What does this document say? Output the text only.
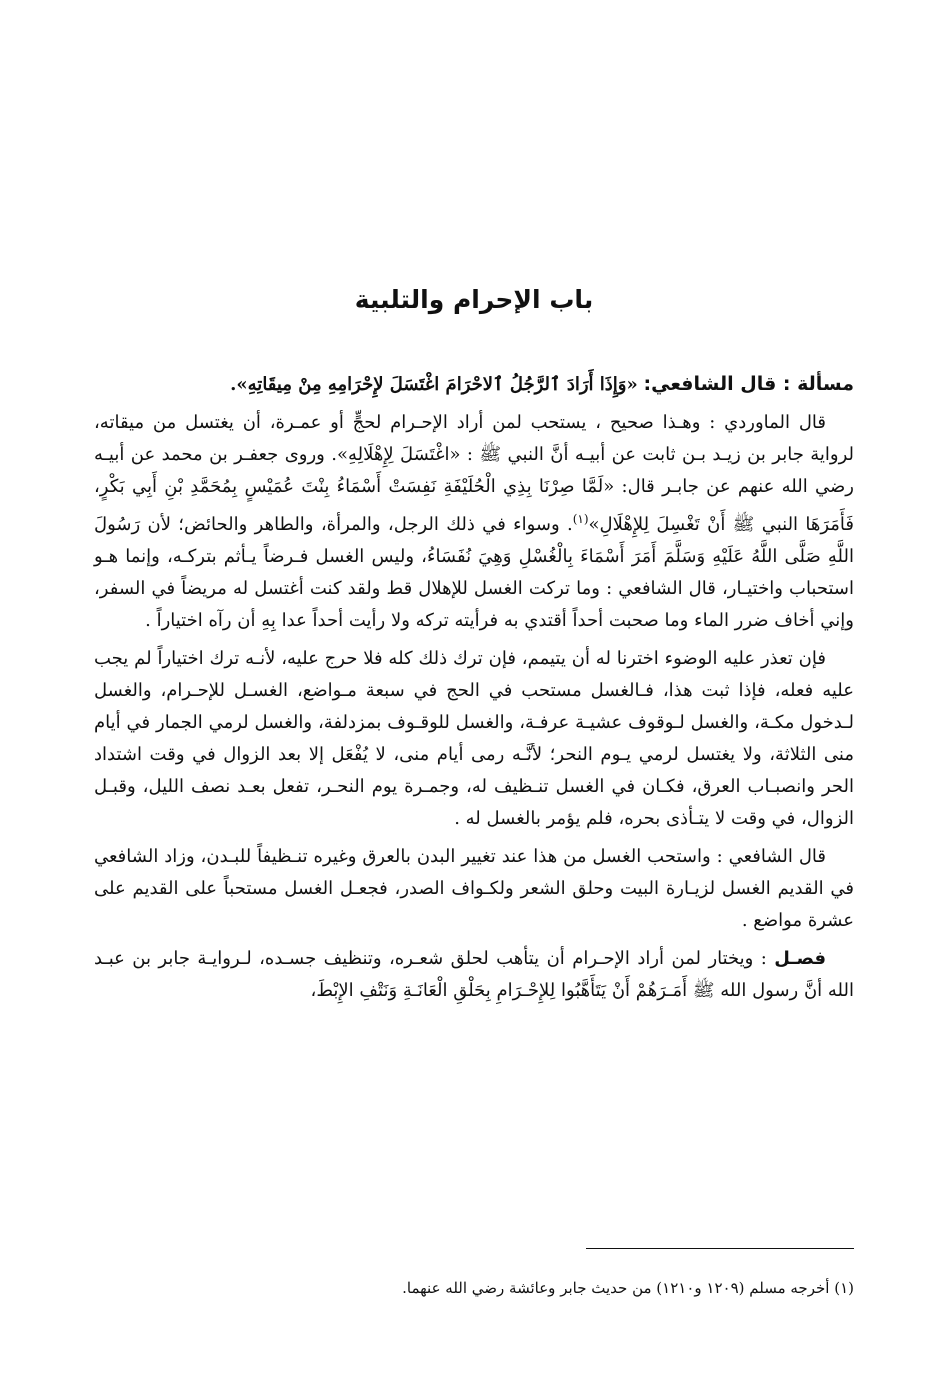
باب الإحرام والتلبية

مسألة : قال الشافعي: «وَإِذَا أَرَادَ ٱلرَّجُلُ ٱلاحْرَامَ اغْتَسَلَ لإِحْرَامِهِ مِنْ مِيقَاتِهِ».

قال الماوردي : وهـذا صحيح ، يستحب لمن أراد الإحـرام لحجٍّ أو عمـرة، أن يغتسل من ميقاته، لرواية جابر بن زيـد بـن ثابت عن أبيـه أنَّ النبي ﷺ : «اغْتَسَلَ لِإِهْلَالِهِ». وروى جعفـر بن محمد عن أبيـه رضي الله عنهم عن جابـر قال: «لَمَّا صِرْنَا بِذِي الْحُلَيْفَةِ نَفِسَتْ أَسْمَاءُ بِنْتَ عُمَيْسٍ بِمُحَمَّدِ بْنِ أَبِي بَكْرٍ، فَأَمَرَهَا النبي ﷺ أَنْ تَغْسِلَ لِلإِهْلَالِ»$^{(١)}$. وسواء في ذلك الرجل، والمرأة، والطاهر والحائض؛ لأن رَسُولَ اللَّهِ صَلَّى اللَّهُ عَلَيْهِ وَسَلَّمَ أَمَرَ أَسْمَاءَ بِالْغُسْلِ وَهِيَ نُفَسَاءُ، وليس الغسل فـرضاً يـأثم بتركـه، وإنما هـو استحباب واختيـار، قال الشافعي : وما تركت الغسل للإهلال قط ولقد كنت أغتسل له مريضاً في السفر، وإني أخاف ضرر الماء وما صحبت أحداً أقتدي به فرأيته تركه ولا رأيت أحداً عدا بِهِ أن رآه اختياراً .

فإن تعذر عليه الوضوء اخترنا له أن يتيمم، فإن ترك ذلك كله فلا حرج عليه، لأنـه ترك اختياراً لم يجب عليه فعله، فإذا ثبت هذا، فـالغسل مستحب في الحج في سبعة مـواضع، الغسـل للإحـرام، والغسل لـدخول مكـة، والغسل لـوقوف عشيـة عرفـة، والغسل للوقـوف بمزدلفة، والغسل لرمي الجمار في أيام منى الثلاثة، ولا يغتسل لرمي يـوم النحر؛ لأنَّـه رمى أيام منى، لا يُفْعَل إلا بعد الزوال في وقت اشتداد الحر وانصبـاب العرق، فكـان في الغسل تنـظيف له، وجمـرة يوم النحـر، تفعل بعـد نصف الليل، وقبـل الزوال، في وقت لا يتـأذى بحره، فلم يؤمر بالغسل له .

قال الشافعي : واستحب الغسل من هذا عند تغيير البدن بالعرق وغيره تنـظيفاً للبـدن، وزاد الشافعي في القديم الغسل لزيـارة البيت وحلق الشعر ولكـواف الصدر، فجعـل الغسل مستحباً على القديم على عشرة مواضع .

فصـل : ويختار لمن أراد الإحـرام أن يتأهب لحلق شعـره، وتنظيف جسـده، لـروايـة جابر بن عبـد الله أنَّ رسول الله ﷺ أَمَـرَهُمْ أَنْ يَتَأَهَّبُوا لِلإِحْـرَامِ بِحَلْقِ الْعَانَـةِ وَنَتْفِ الإِبْطَ،

(١) أخرجه مسلم (١٢٠٩ و١٢١٠) من حديث جابر وعائشة رضي الله عنهما.
